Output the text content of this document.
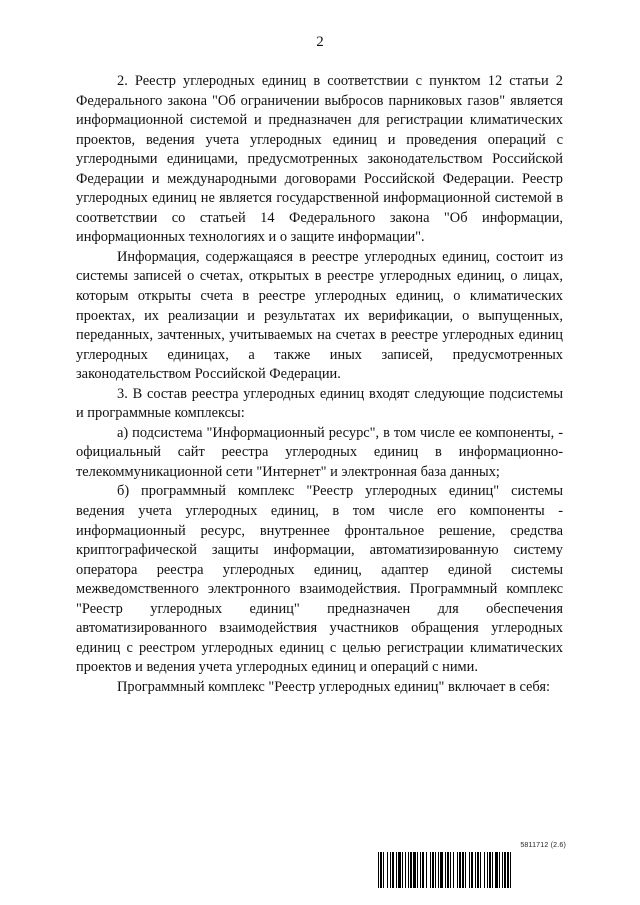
2

2. Реестр углеродных единиц в соответствии с пунктом 12 статьи 2 Федерального закона "Об ограничении выбросов парниковых газов" является информационной системой и предназначен для регистрации климатических проектов, ведения учета углеродных единиц и проведения операций с углеродными единицами, предусмотренных законодательством Российской Федерации и международными договорами Российской Федерации. Реестр углеродных единиц не является государственной информационной системой в соответствии со статьей 14 Федерального закона "Об информации, информационных технологиях и о защите информации".

Информация, содержащаяся в реестре углеродных единиц, состоит из системы записей о счетах, открытых в реестре углеродных единиц, о лицах, которым открыты счета в реестре углеродных единиц, о климатических проектах, их реализации и результатах их верификации, о выпущенных, переданных, зачтенных, учитываемых на счетах в реестре углеродных единиц углеродных единицах, а также иных записей, предусмотренных законодательством Российской Федерации.

3. В состав реестра углеродных единиц входят следующие подсистемы и программные комплексы:

а) подсистема "Информационный ресурс", в том числе ее компоненты, - официальный сайт реестра углеродных единиц в информационно-телекоммуникационной сети "Интернет" и электронная база данных;

б) программный комплекс "Реестр углеродных единиц" системы ведения учета углеродных единиц, в том числе его компоненты - информационный ресурс, внутреннее фронтальное решение, средства криптографической защиты информации, автоматизированную систему оператора реестра углеродных единиц, адаптер единой системы межведомственного электронного взаимодействия. Программный комплекс "Реестр углеродных единиц" предназначен для обеспечения автоматизированного взаимодействия участников обращения углеродных единиц с реестром углеродных единиц с целью регистрации климатических проектов и ведения учета углеродных единиц и операций с ними.

Программный комплекс "Реестр углеродных единиц" включает в себя:

5811712 (2.6)
